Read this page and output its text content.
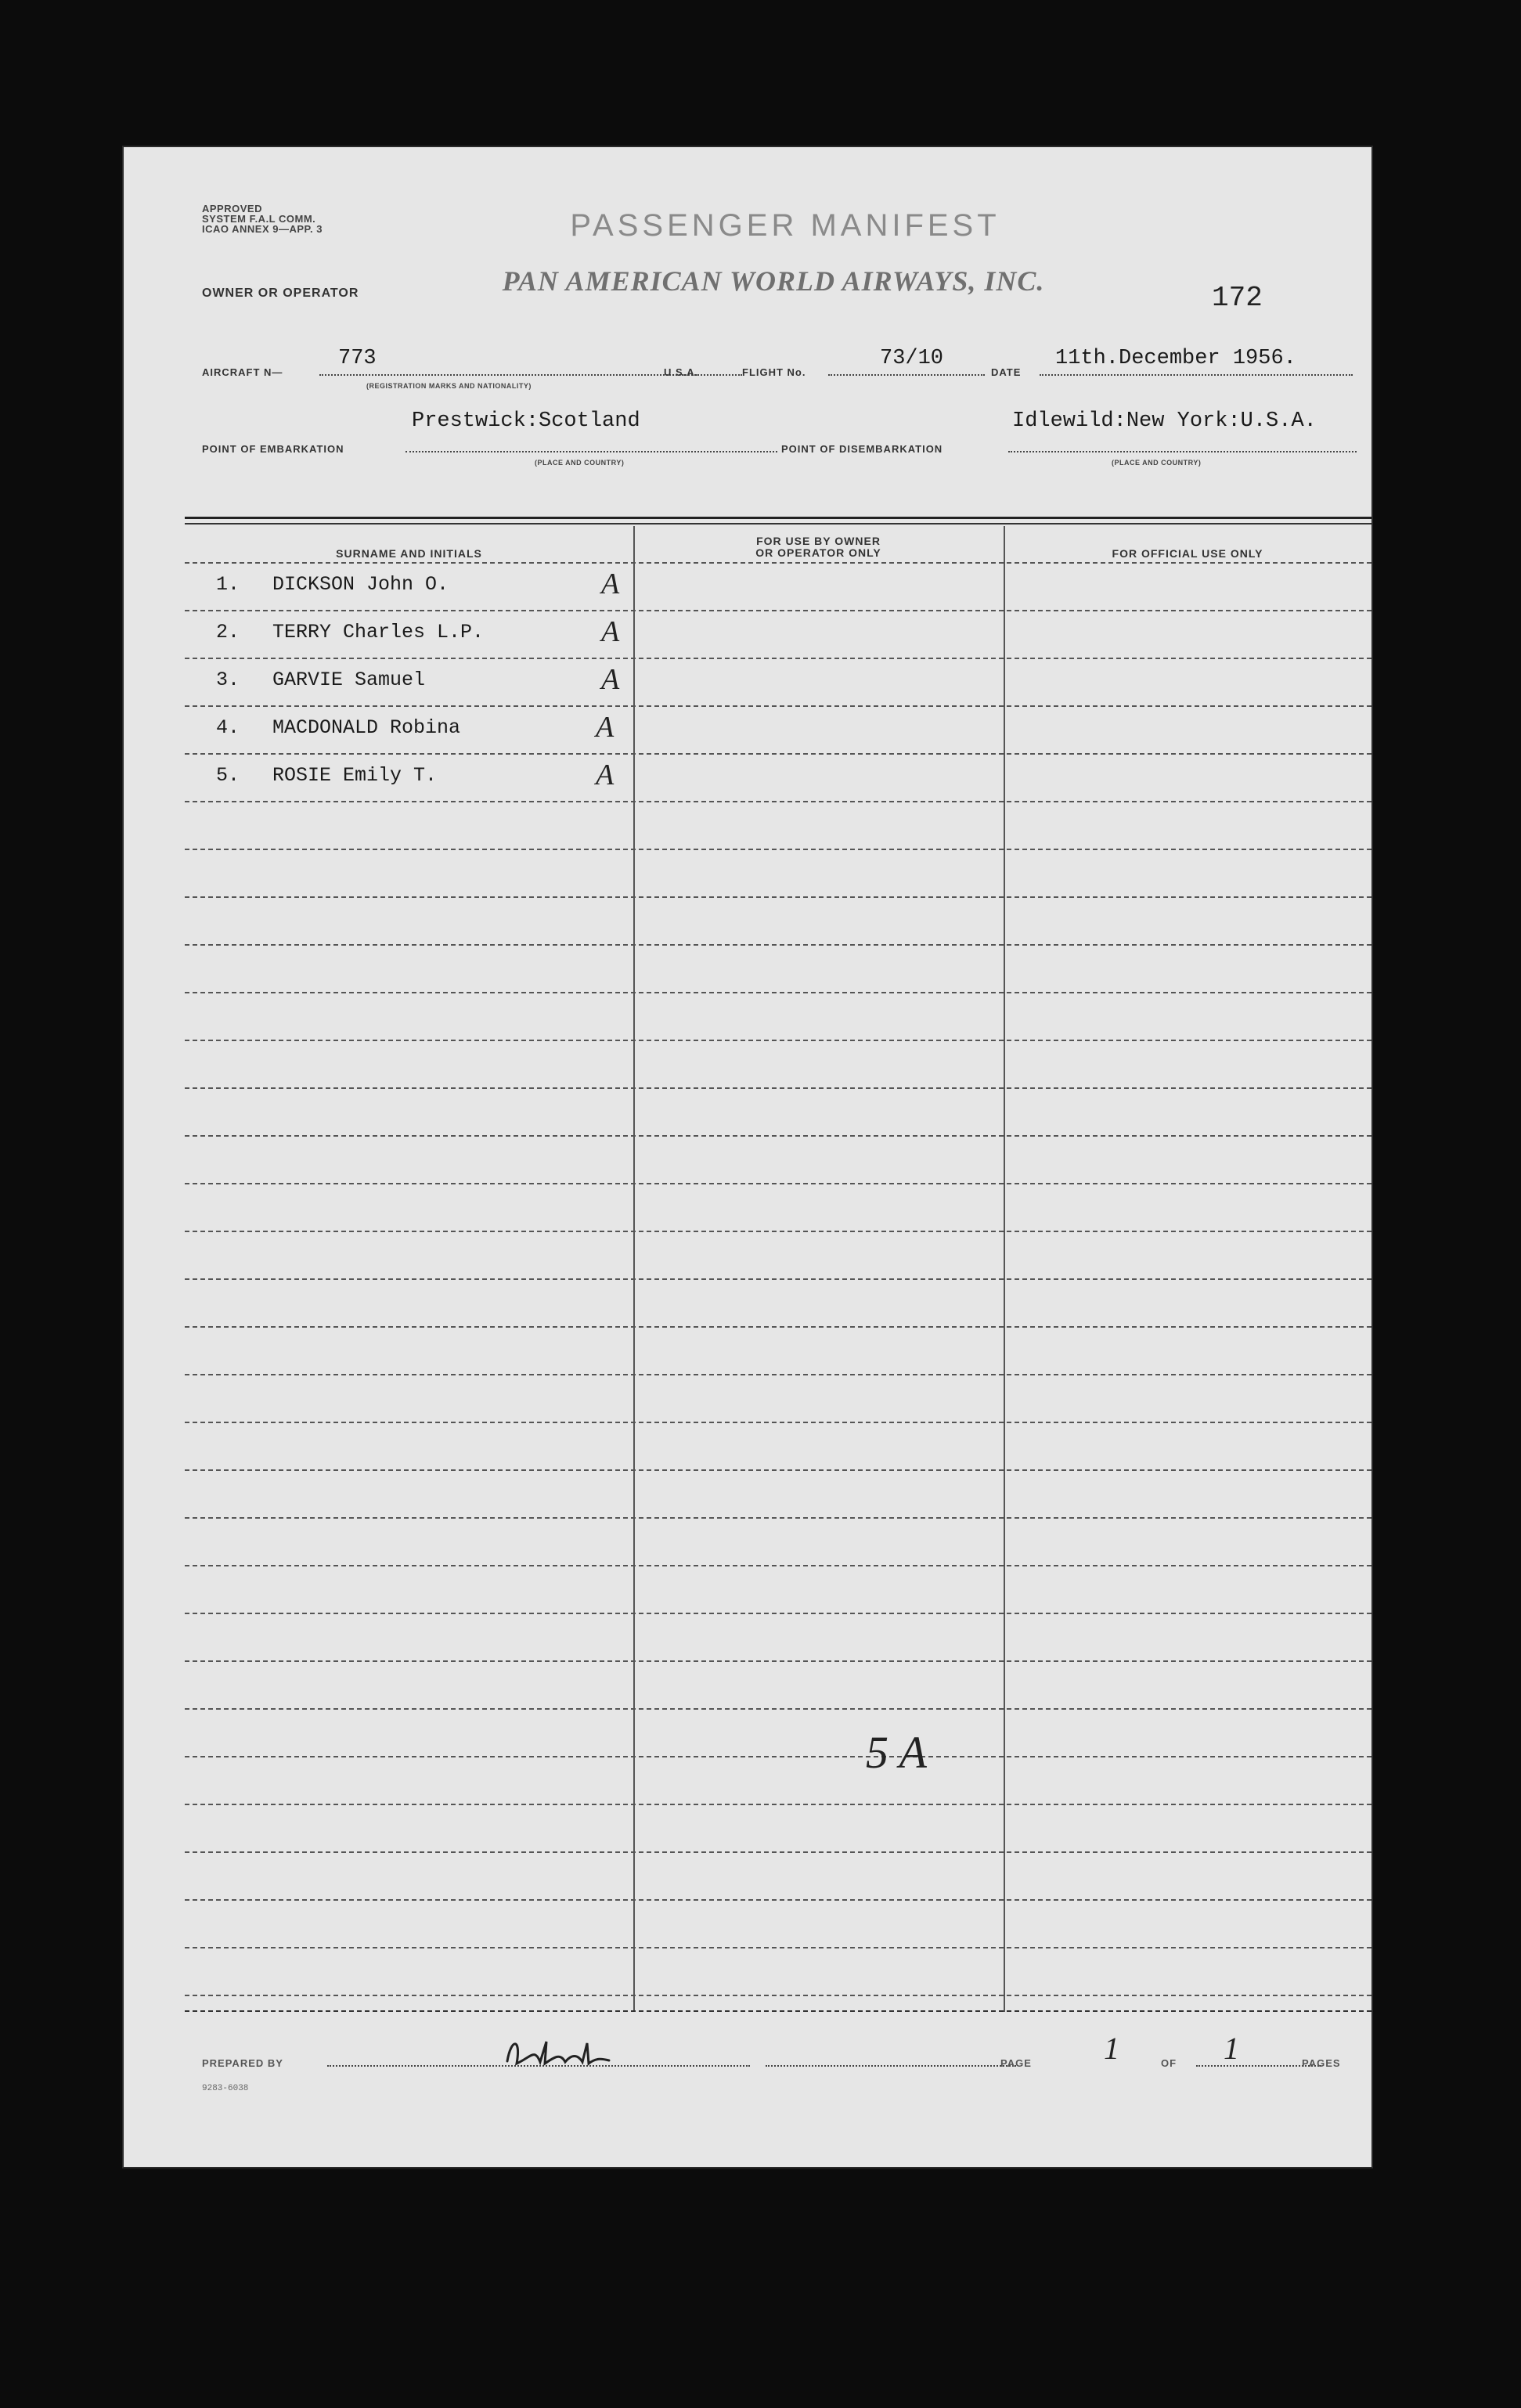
APPROVED
SYSTEM F.A.L COMM.
ICAO ANNEX 9—APP. 3	PASSENGER MANIFEST
OWNER OR OPERATOR	PAN AMERICAN WORLD AIRWAYS, INC.
172
AIRCRAFT N—
773
(REGISTRATION MARKS AND NATIONALITY)
U.S.A.	FLIGHT No.
73/10
DATE
11th.December 1956.
Prestwick:Scotland
POINT OF EMBARKATION
(PLACE AND COUNTRY)
POINT OF DISEMBARKATION
Idlewild:New York:U.S.A.
(PLACE AND COUNTRY)
SURNAME AND INITIALS
FOR USE BY OWNER
OR OPERATOR ONLY	FOR OFFICIAL USE ONLY
1. DICKSON John O.	A
2. TERRY Charles L.P.	A
3. GARVIE Samuel	A
4. MACDONALD Robina	A
5. ROSIE Emily T.	A
5 A
PREPARED BY	PAGE 1	OF 1	PAGES
9283-6038
